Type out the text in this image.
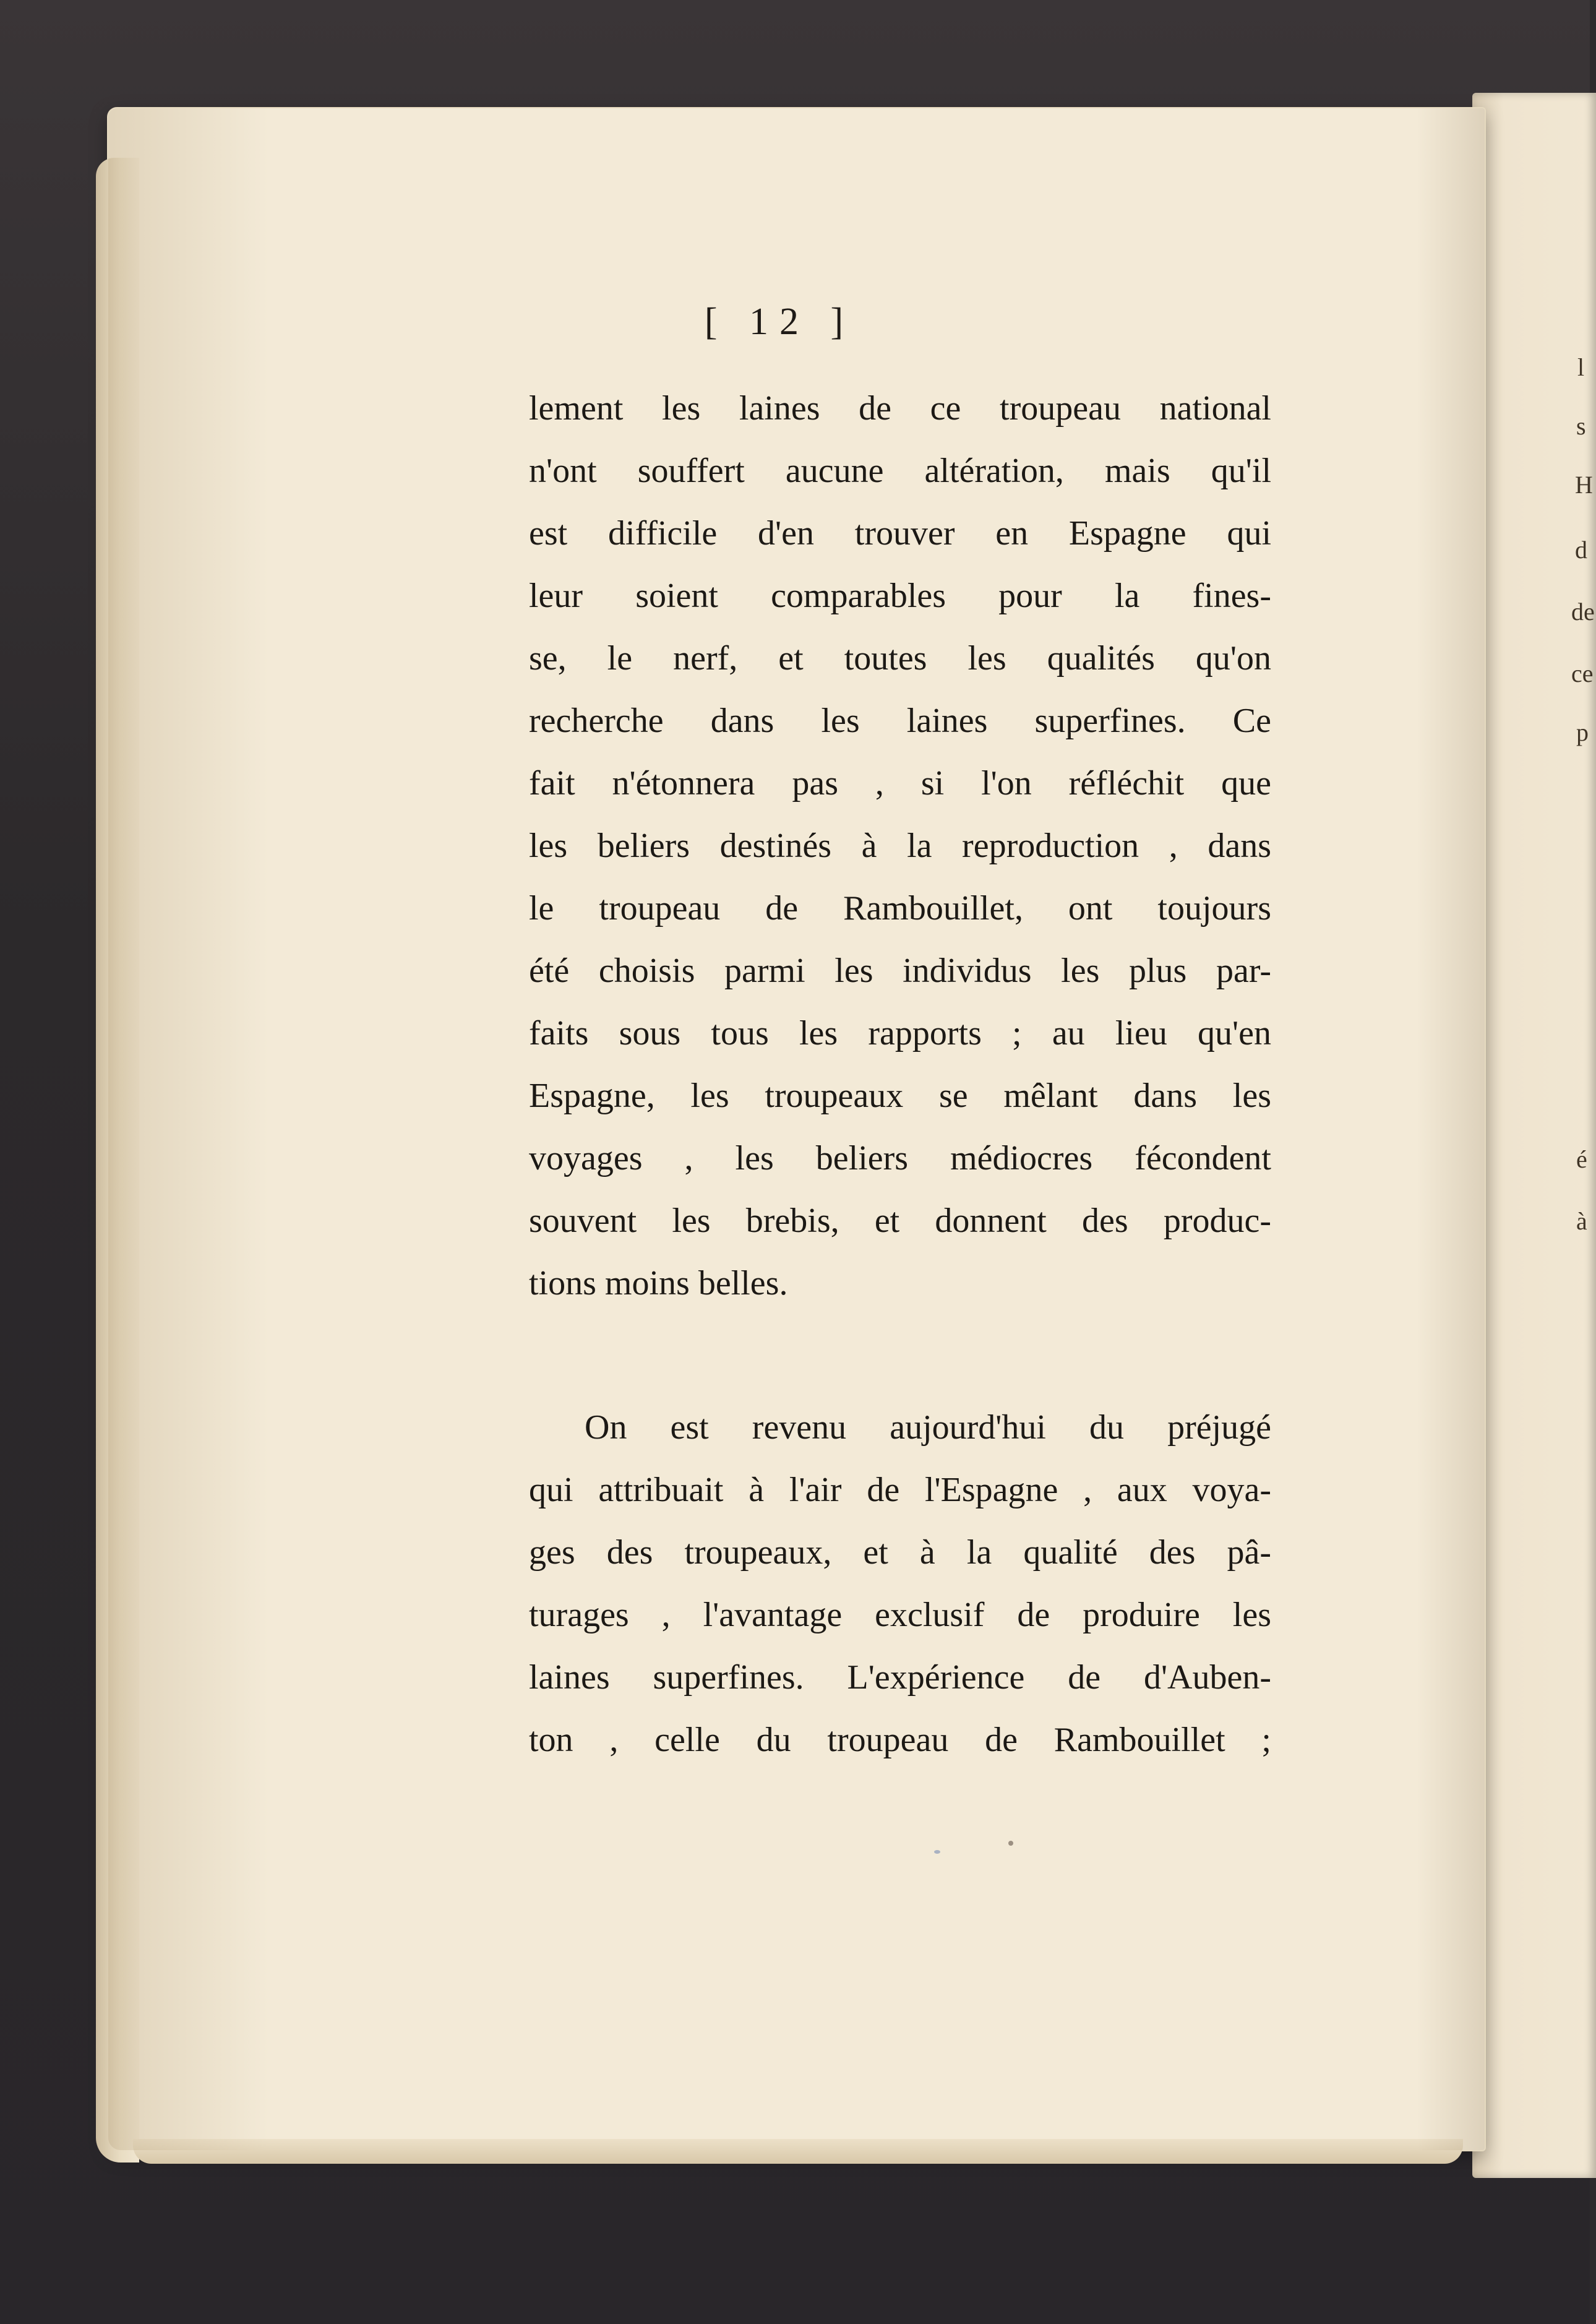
l
s
H
d
de
ce
p
é
à
[ 12 ]
lement les laines de ce troupeau national
n'ont souffert aucune altération, mais qu'il
est difficile d'en trouver en Espagne qui
leur soient comparables pour la fines-
se, le nerf, et toutes les qualités qu'on
recherche dans les laines superfines. Ce
fait n'étonnera pas , si l'on réfléchit que
les beliers destinés à la reproduction , dans
le troupeau de Rambouillet, ont toujours
été choisis parmi les individus les plus par-
faits sous tous les rapports ; au lieu qu'en
Espagne, les troupeaux se mêlant dans les
voyages , les beliers médiocres fécondent
souvent les brebis, et donnent des produc-
tions moins belles.
On est revenu aujourd'hui du préjugé
qui attribuait à l'air de l'Espagne , aux voya-
ges des troupeaux, et à la qualité des pâ-
turages , l'avantage exclusif de produire les
laines superfines. L'expérience de d'Auben-
ton , celle du troupeau de Rambouillet ;
